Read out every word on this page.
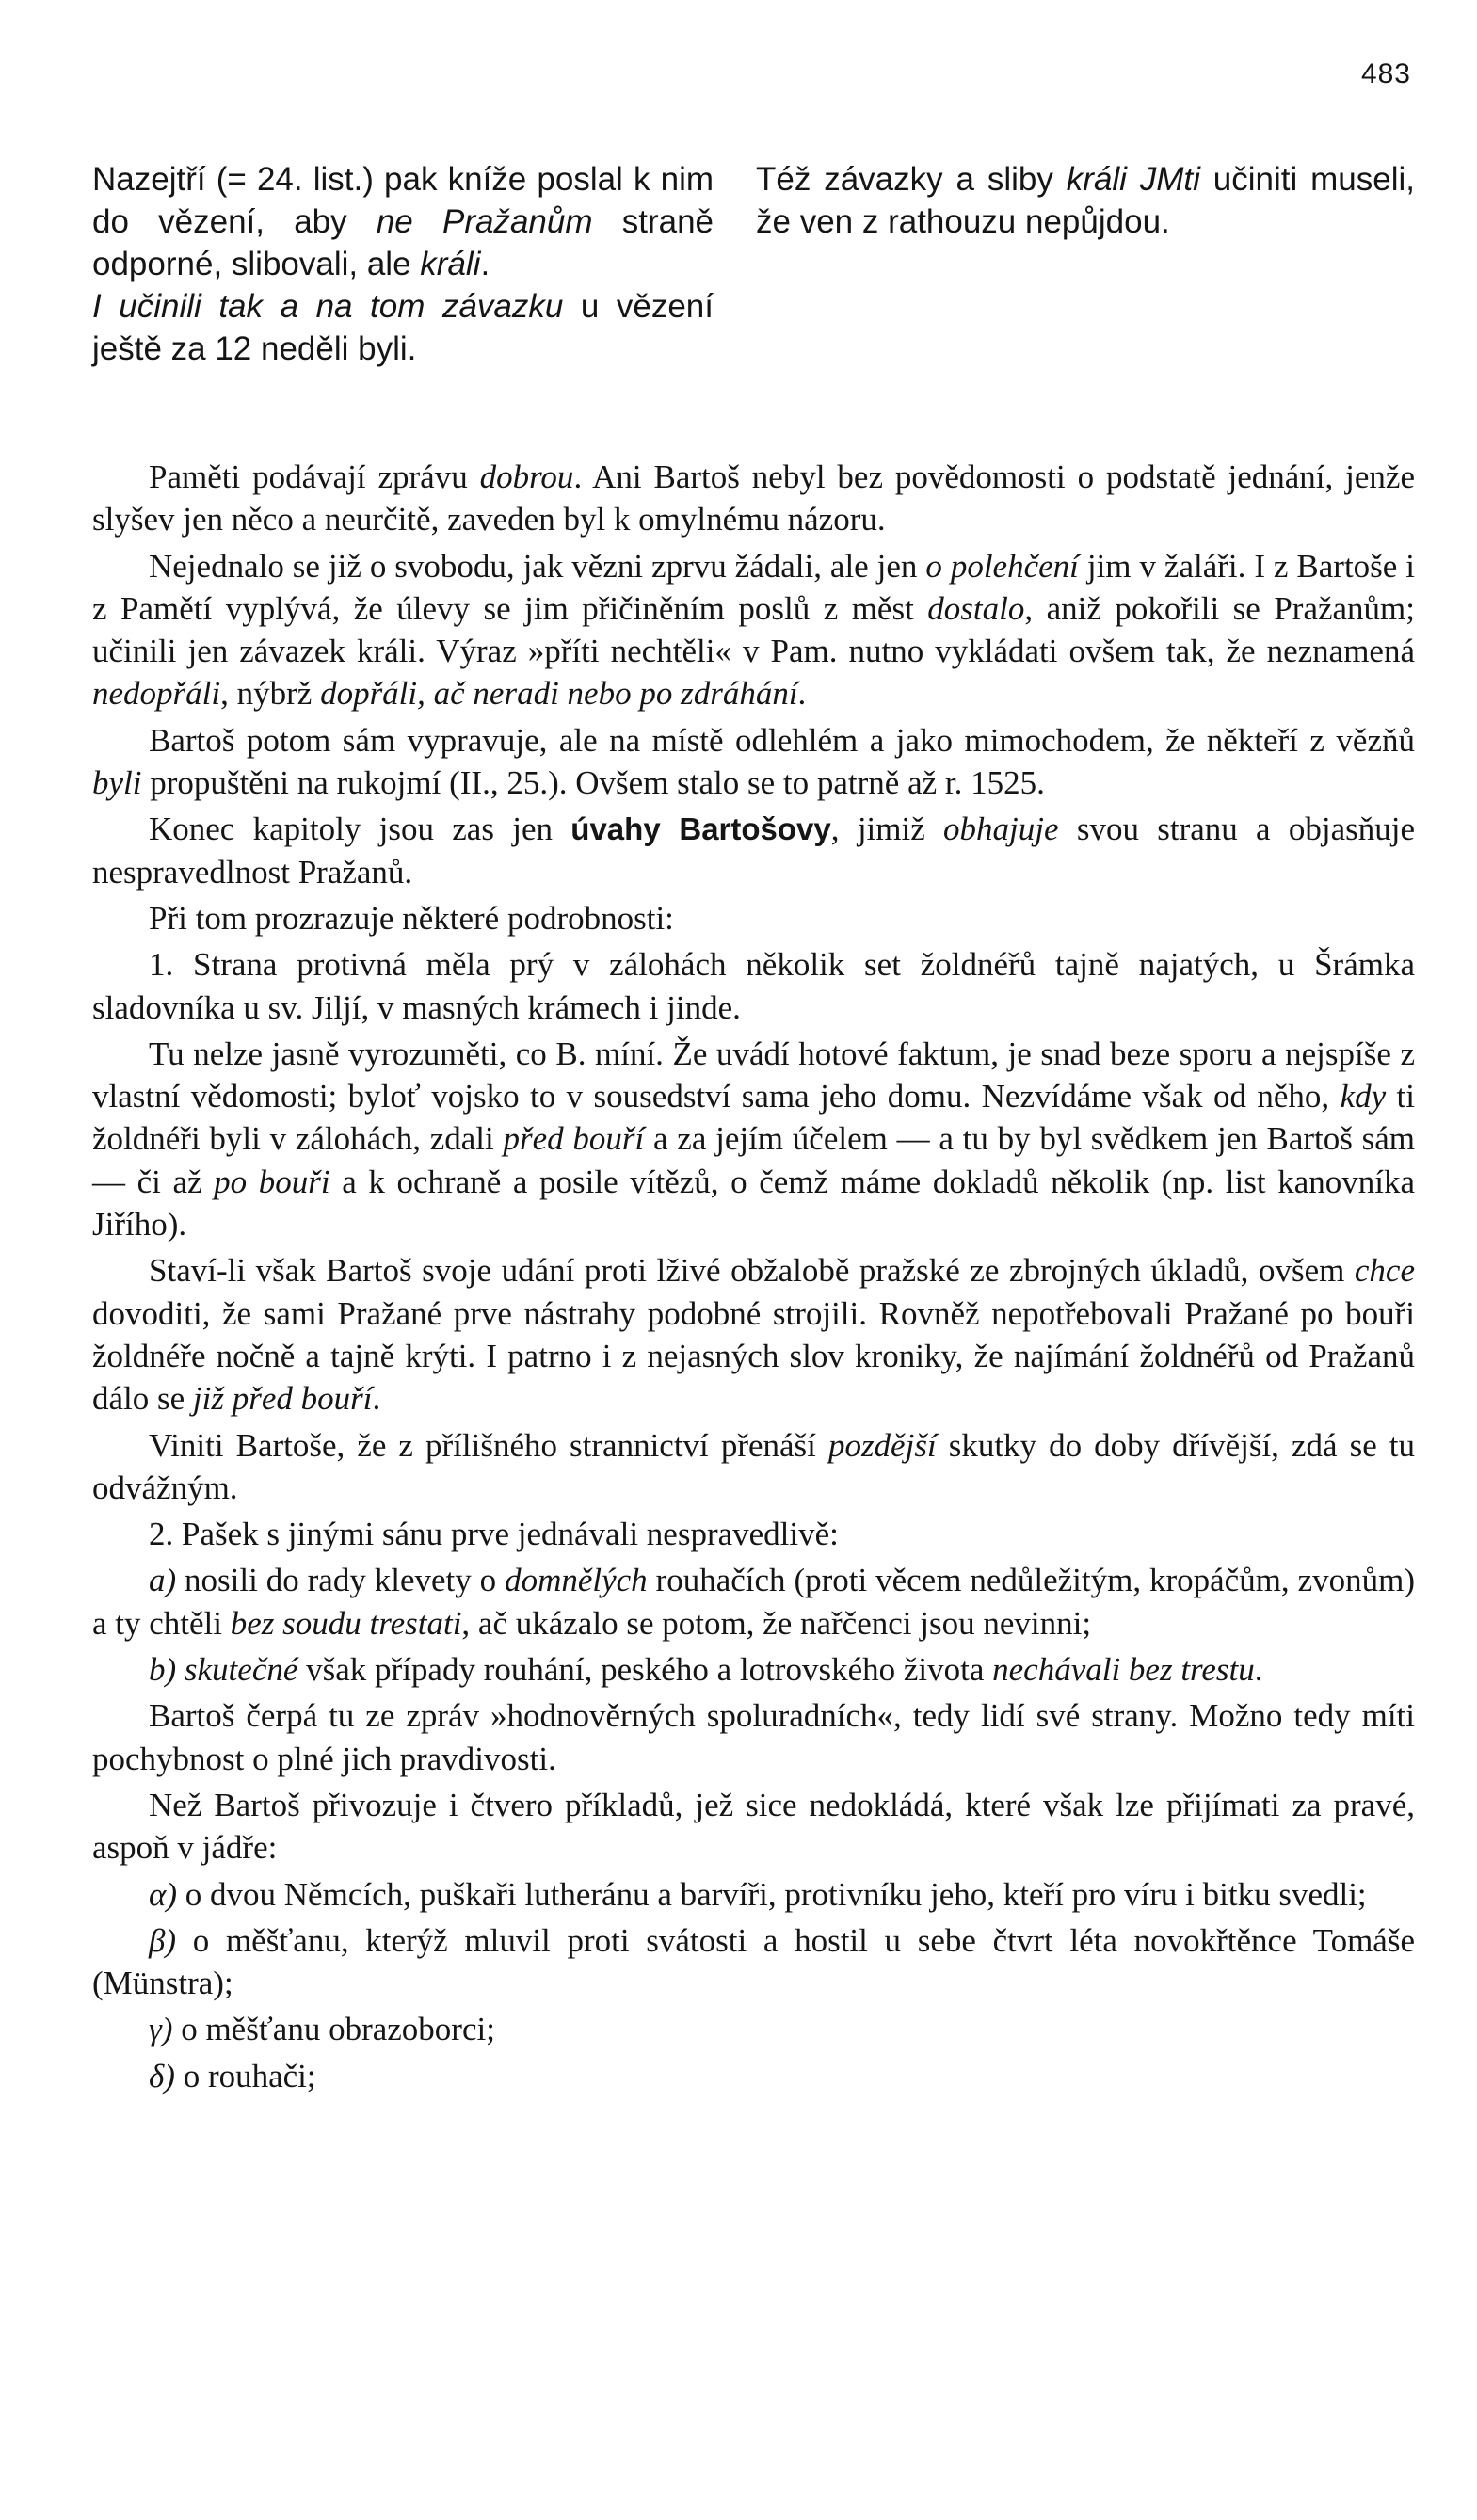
483

Nazejtří (= 24. list.) pak kníže poslal k nim do vězení, aby ne Pražanům straně odporné, slibovali, ale králi.

I učinili tak a na tom závazku u vězení ještě za 12 neděli byli.

Též závazky a sliby králi JMti učiniti museli, že ven z rathouzu nepůjdou.

Paměti podávají zprávu dobrou. Ani Bartoš nebyl bez povědomosti o podstatě jednání, jenže slyšev jen něco a neurčitě, zaveden byl k omylnému názoru.

Nejednalo se již o svobodu, jak vězni zprvu žádali, ale jen o polehčení jim v žaláři. I z Bartoše i z Pamětí vyplývá, že úlevy se jim přičiněním poslů z měst dostalo, aniž pokořili se Pražanům; učinili jen závazek králi. Výraz »příti nechtěli« v Pam. nutno vykládati ovšem tak, že neznamená nedopřáli, nýbrž dopřáli, ač neradi nebo po zdráhání.

Bartoš potom sám vypravuje, ale na místě odlehlém a jako mimochodem, že někteří z vězňů byli propuštěni na rukojmí (II., 25.). Ovšem stalo se to patrně až r. 1525.

Konec kapitoly jsou zas jen úvahy Bartošovy, jimiž obhajuje svou stranu a objasňuje nespravedlnost Pražanů.

Při tom prozrazuje některé podrobnosti:

1. Strana protivná měla prý v zálohách několik set žoldnéřů tajně najatých, u Šrámka sladovníka u sv. Jiljí, v masných krámech i jinde.

Tu nelze jasně vyrozuměti, co B. míní. Že uvádí hotové faktum, je snad beze sporu a nejspíše z vlastní vědomosti; byloť vojsko to v sousedství sama jeho domu. Nezvídáme však od něho, kdy ti žoldnéři byli v zálohách, zdali před bouří a za jejím účelem — a tu by byl svědkem jen Bartoš sám — či až po bouři a k ochraně a posile vítězů, o čemž máme dokladů několik (np. list kanovníka Jiřího).

Staví-li však Bartoš svoje udání proti lživé obžalobě pražské ze zbrojných úkladů, ovšem chce dovoditi, že sami Pražané prve nástrahy podobné strojili. Rovněž nepotřebovali Pražané po bouři žoldnéře nočně a tajně krýti. I patrno i z nejasných slov kroniky, že najímání žoldnéřů od Pražanů dálo se již před bouří.

Viniti Bartoše, že z přílišného strannictví přenáší pozdější skutky do doby dřívější, zdá se tu odvážným.

2. Pašek s jinými sánu prve jednávali nespravedlivě:

a) nosili do rady klevety o domnělých rouhačích (proti věcem nedůležitým, kropáčům, zvonům) a ty chtěli bez soudu trestati, ač ukázalo se potom, že nařčenci jsou nevinni;

b) skutečné však případy rouhání, peského a lotrovského života nechávali bez trestu.

Bartoš čerpá tu ze zpráv »hodnověrných spoluradních«, tedy lidí své strany. Možno tedy míti pochybnost o plné jich pravdivosti.

Než Bartoš přivozuje i čtvero příkladů, jež sice nedokládá, které však lze přijímati za pravé, aspoň v jádře:

α) o dvou Němcích, puškaři lutheránu a barvíři, protivníku jeho, kteří pro víru i bitku svedli;

β) o měšťanu, kterýž mluvil proti svátosti a hostil u sebe čtvrt léta novokřtěnce Tomáše (Münstra);

γ) o měšťanu obrazoborci;

δ) o rouhači;
